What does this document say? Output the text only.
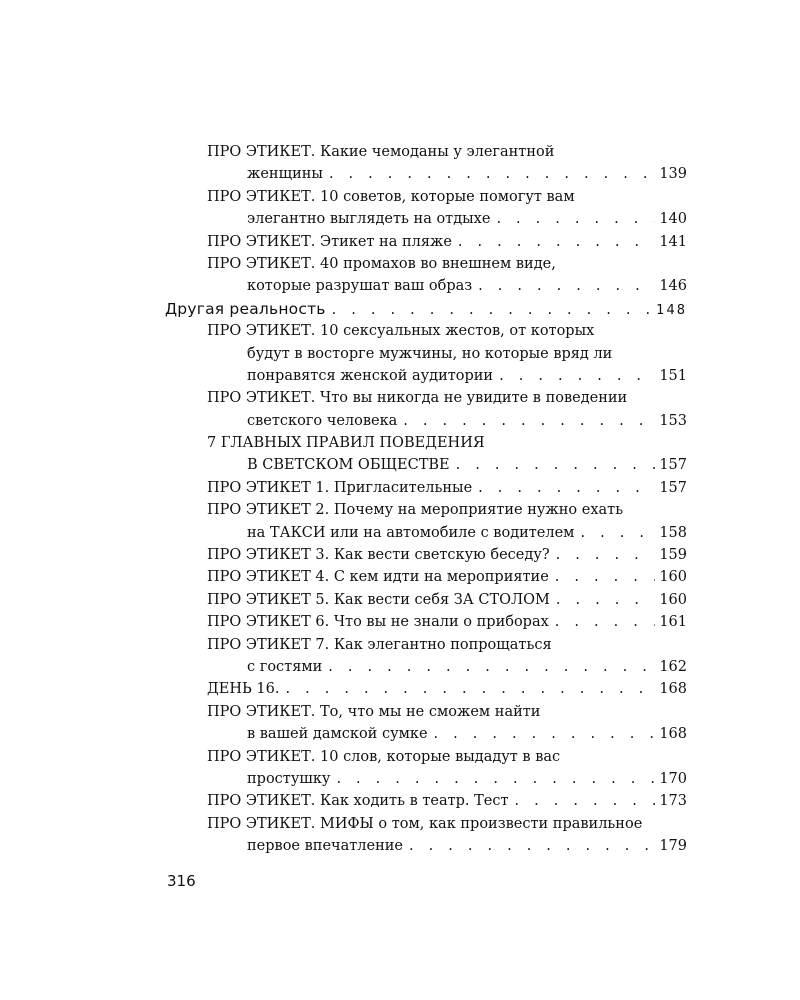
ПРО ЭТИКЕТ. Какие чемоданы у элегантной
женщины . . .	139
ПРО ЭТИКЕТ. 10 советов, которые помогут вам
элегантно выглядеть на отдыхе . . .	140
ПРО ЭТИКЕТ. Этикет на пляже . . .	141
ПРО ЭТИКЕТ. 40 промахов во внешнем виде,
которые разрушат ваш образ . . .	146
Другая реальность . . .	148
ПРО ЭТИКЕТ. 10 сексуальных жестов, от которых
будут в восторге мужчины, но которые вряд ли
понравятся женской аудитории . . .	151
ПРО ЭТИКЕТ. Что вы никогда не увидите в поведении
светского человека . . .	153
7 ГЛАВНЫХ ПРАВИЛ ПОВЕДЕНИЯ
В СВЕТСКОМ ОБЩЕСТВЕ . . .	157
ПРО ЭТИКЕТ 1. Пригласительные . . .	157
ПРО ЭТИКЕТ 2. Почему на мероприятие нужно ехать
на ТАКСИ или на автомобиле с водителем . . .	158
ПРО ЭТИКЕТ 3. Как вести светскую беседу? . . .	159
ПРО ЭТИКЕТ 4. С кем идти на мероприятие . . .	160
ПРО ЭТИКЕТ 5. Как вести себя ЗА СТОЛОМ . . .	160
ПРО ЭТИКЕТ 6. Что вы не знали о приборах . . .	161
ПРО ЭТИКЕТ 7. Как элегантно попрощаться
с гостями . . .	162
ДЕНЬ 16. . . .	168
ПРО ЭТИКЕТ. То, что мы не сможем найти
в вашей дамской сумке . . .	168
ПРО ЭТИКЕТ. 10 слов, которые выдадут в вас
простушку . . .	170
ПРО ЭТИКЕТ. Как ходить в театр. Тест . . .	173
ПРО ЭТИКЕТ. МИФЫ о том, как произвести правильное
первое впечатление . . .	179
316
